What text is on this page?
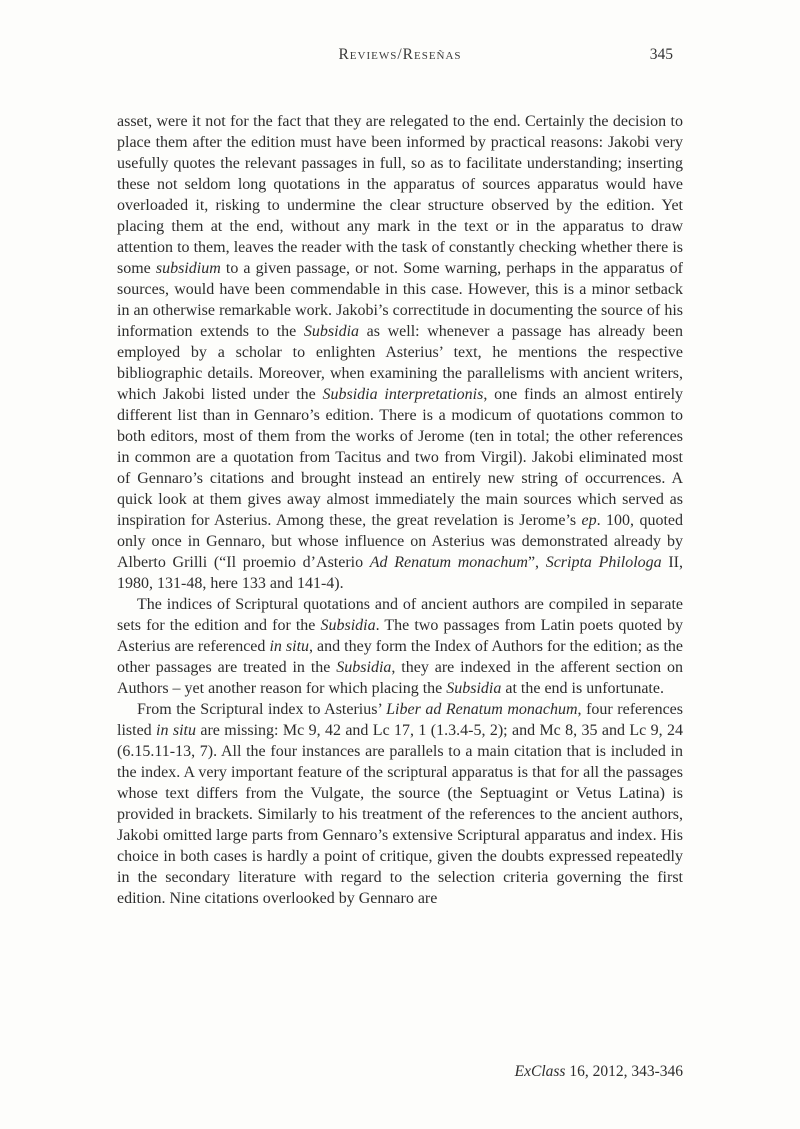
Reviews/Reseñas	345

asset, were it not for the fact that they are relegated to the end. Certainly the decision to place them after the edition must have been informed by practical reasons: Jakobi very usefully quotes the relevant passages in full, so as to facilitate understanding; inserting these not seldom long quotations in the apparatus of sources apparatus would have overloaded it, risking to undermine the clear structure observed by the edition. Yet placing them at the end, without any mark in the text or in the apparatus to draw attention to them, leaves the reader with the task of constantly checking whether there is some subsidium to a given passage, or not. Some warning, perhaps in the apparatus of sources, would have been commendable in this case. However, this is a minor setback in an otherwise remarkable work. Jakobi’s correctitude in documenting the source of his information extends to the Subsidia as well: whenever a passage has already been employed by a scholar to enlighten Asterius’ text, he mentions the respective bibliographic details. Moreover, when examining the parallelisms with ancient writers, which Jakobi listed under the Subsidia interpretationis, one finds an almost entirely different list than in Gennaro’s edition. There is a modicum of quotations common to both editors, most of them from the works of Jerome (ten in total; the other references in common are a quotation from Tacitus and two from Virgil). Jakobi eliminated most of Gennaro’s citations and brought instead an entirely new string of occurrences. A quick look at them gives away almost immediately the main sources which served as inspiration for Asterius. Among these, the great revelation is Jerome’s ep. 100, quoted only once in Gennaro, but whose influence on Asterius was demonstrated already by Alberto Grilli (“Il proemio d’Asterio Ad Renatum monachum”, Scripta Philologa II, 1980, 131-48, here 133 and 141-4).

The indices of Scriptural quotations and of ancient authors are compiled in separate sets for the edition and for the Subsidia. The two passages from Latin poets quoted by Asterius are referenced in situ, and they form the Index of Authors for the edition; as the other passages are treated in the Subsidia, they are indexed in the afferent section on Authors – yet another reason for which placing the Subsidia at the end is unfortunate.

From the Scriptural index to Asterius’ Liber ad Renatum monachum, four references listed in situ are missing: Mc 9, 42 and Lc 17, 1 (1.3.4-5, 2); and Mc 8, 35 and Lc 9, 24 (6.15.11-13, 7). All the four instances are parallels to a main citation that is included in the index. A very important feature of the scriptural apparatus is that for all the passages whose text differs from the Vulgate, the source (the Septuagint or Vetus Latina) is provided in brackets. Similarly to his treatment of the references to the ancient authors, Jakobi omitted large parts from Gennaro’s extensive Scriptural apparatus and index. His choice in both cases is hardly a point of critique, given the doubts expressed repeatedly in the secondary literature with regard to the selection criteria governing the first edition. Nine citations overlooked by Gennaro are

ExClass 16, 2012, 343-346
